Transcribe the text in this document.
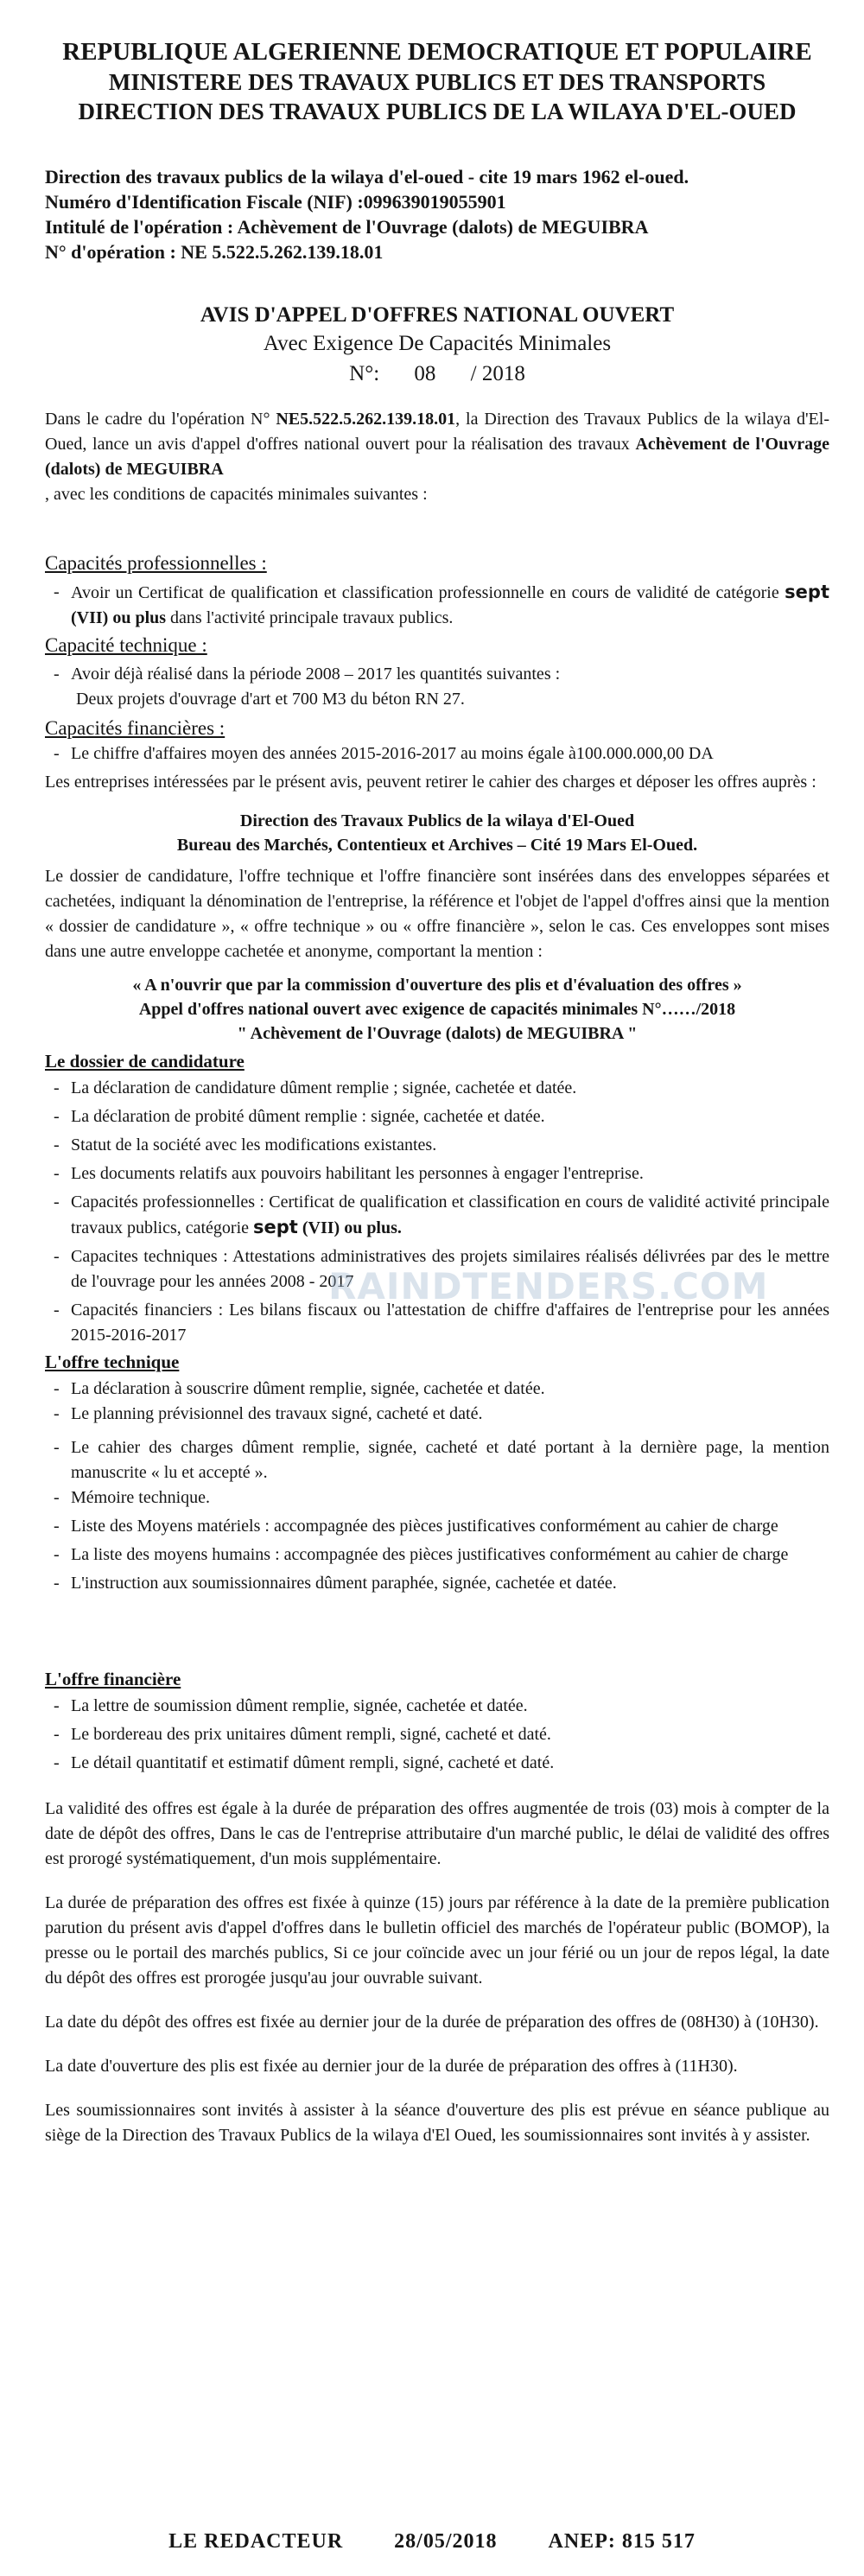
REPUBLIQUE ALGERIENNE DEMOCRATIQUE ET POPULAIRE
MINISTERE DES TRAVAUX PUBLICS ET DES TRANSPORTS
DIRECTION DES TRAVAUX PUBLICS DE LA WILAYA D'EL-OUED
Direction des travaux publics de la wilaya d'el-oued - cite 19 mars 1962 el-oued.
Numéro d'Identification Fiscale (NIF) :099639019055901
Intitulé de l'opération : Achèvement de l'Ouvrage (dalots) de MEGUIBRA
N° d'opération : NE 5.522.5.262.139.18.01
AVIS D'APPEL D'OFFRES NATIONAL OUVERT
Avec Exigence De Capacités Minimales
N°: 08 / 2018

Dans le cadre du l'opération N° NE5.522.5.262.139.18.01, la Direction des Travaux Publics de la wilaya d'El-Oued, lance un avis d'appel d'offres national ouvert pour la réalisation des travaux Achèvement de l'Ouvrage (dalots) de MEGUIBRA

, avec les conditions de capacités minimales suivantes :

Capacités professionnelles :
- Avoir un Certificat de qualification et classification professionnelle en cours de validité de catégorie sept (VII) ou plus dans l'activité principale travaux publics.
Capacité technique :
- Avoir déjà réalisé dans la période 2008 – 2017 les quantités suivantes :
Deux projets d'ouvrage d'art et 700 M3 du béton RN 27.
Capacités financières :
- Le chiffre d'affaires moyen des années 2015-2016-2017 au moins égale à100.000.000,00 DA

Les entreprises intéressées par le présent avis, peuvent retirer le cahier des charges et déposer les offres auprès :

Direction des Travaux Publics de la wilaya d'El-Oued
Bureau des Marchés, Contentieux et Archives – Cité 19 Mars El-Oued.

Le dossier de candidature, l'offre technique et l'offre financière sont insérées dans des enveloppes séparées et cachetées, indiquant la dénomination de l'entreprise, la référence et l'objet de l'appel d'offres ainsi que la mention « dossier de candidature », « offre technique » ou « offre financière », selon le cas. Ces enveloppes sont mises dans une autre enveloppe cachetée et anonyme, comportant la mention :

« A n'ouvrir que par la commission d'ouverture des plis et d'évaluation des offres »
Appel d'offres national ouvert avec exigence de capacités minimales N°……/2018
" Achèvement de l'Ouvrage (dalots) de MEGUIBRA "
Le dossier de candidature
- La déclaration de candidature dûment remplie ; signée, cachetée et datée.
- La déclaration de probité dûment remplie : signée, cachetée et datée.
- Statut de la société avec les modifications existantes.
- Les documents relatifs aux pouvoirs habilitant les personnes à engager l'entreprise.
- Capacités professionnelles : Certificat de qualification et classification en cours de validité activité principale travaux publics, catégorie sept (VII) ou plus.
- Capacites techniques : Attestations administratives des projets similaires réalisés délivrées par des le mettre de l'ouvrage pour les années 2008 - 2017
- Capacités financiers : Les bilans fiscaux ou l'attestation de chiffre d'affaires de l'entreprise pour les années 2015-2016-2017
L'offre technique
- La déclaration à souscrire dûment remplie, signée, cachetée et datée.
- Le planning prévisionnel des travaux signé, cacheté et daté.
- Le cahier des charges dûment remplie, signée, cacheté et daté portant à la dernière page, la mention manuscrite « lu et accepté ».
- Mémoire technique.
- Liste des Moyens matériels : accompagnée des pièces justificatives conformément au cahier de charge
- La liste des moyens humains : accompagnée des pièces justificatives conformément au cahier de charge
- L'instruction aux soumissionnaires dûment paraphée, signée, cachetée et datée.
L'offre financière
- La lettre de soumission dûment remplie, signée, cachetée et datée.
- Le bordereau des prix unitaires dûment rempli, signé, cacheté et daté.
- Le détail quantitatif et estimatif dûment rempli, signé, cacheté et daté.

La validité des offres est égale à la durée de préparation des offres augmentée de trois (03) mois à compter de la date de dépôt des offres, Dans le cas de l'entreprise attributaire d'un marché public, le délai de validité des offres est prorogé systématiquement, d'un mois supplémentaire.

La durée de préparation des offres est fixée à quinze (15) jours par référence à la date de la première publication parution du présent avis d'appel d'offres dans le bulletin officiel des marchés de l'opérateur public (BOMOP), la presse ou le portail des marchés publics, Si ce jour coïncide avec un jour férié ou un jour de repos légal, la date du dépôt des offres est prorogée jusqu'au jour ouvrable suivant.

La date du dépôt des offres est fixée au dernier jour de la durée de préparation des offres de (08H30) à (10H30).

La date d'ouverture des plis est fixée au dernier jour de la durée de préparation des offres à (11H30).

Les soumissionnaires sont invités à assister à la séance d'ouverture des plis est prévue en séance publique au siège de la Direction des Travaux Publics de la wilaya d'El Oued, les soumissionnaires sont invités à y assister.

RAINDTENDERS.COM
LE REDACTEUR 28/05/2018 ANEP: 815 517
